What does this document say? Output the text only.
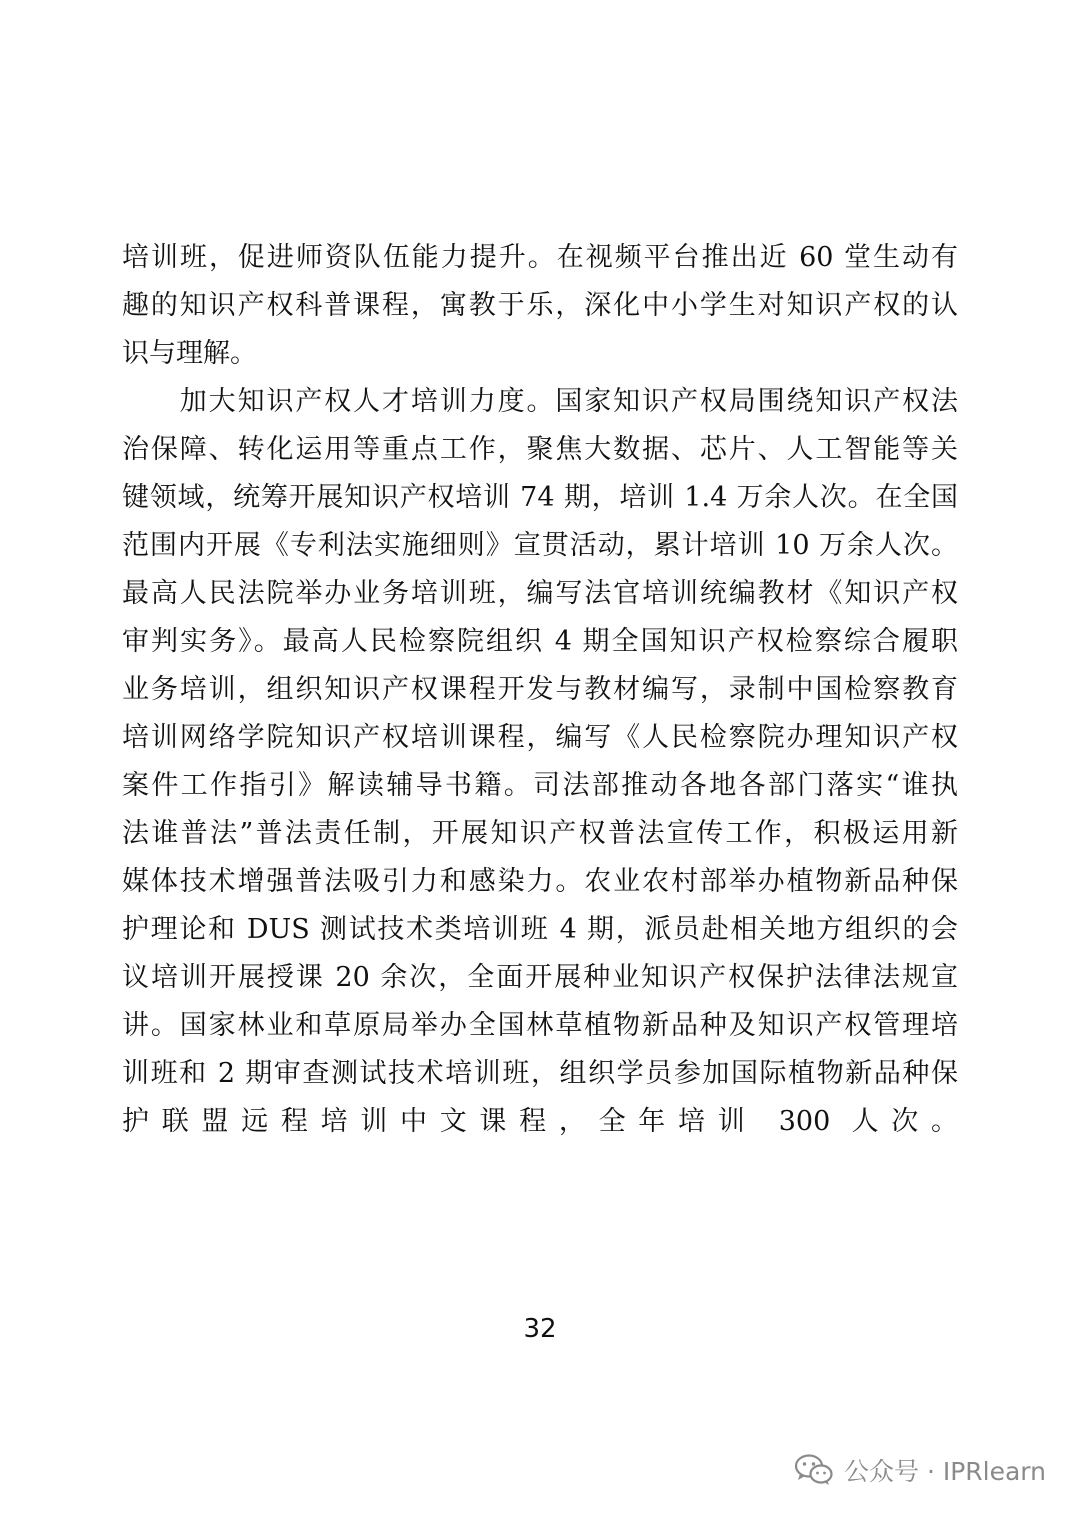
培训班，促进师资队伍能力提升。在视频平台推出近 60 堂生动有
趣的知识产权科普课程，寓教于乐，深化中小学生对知识产权的认
识与理解。
　　加大知识产权人才培训力度。国家知识产权局围绕知识产权法
治保障、转化运用等重点工作，聚焦大数据、芯片、人工智能等关
键领域，统筹开展知识产权培训 74 期，培训 1.4 万余人次。在全国
范围内开展《专利法实施细则》宣贯活动，累计培训 10 万余人次。
最高人民法院举办业务培训班，编写法官培训统编教材《知识产权
审判实务》。最高人民检察院组织 4 期全国知识产权检察综合履职
业务培训，组织知识产权课程开发与教材编写，录制中国检察教育
培训网络学院知识产权培训课程，编写《人民检察院办理知识产权
案件工作指引》解读辅导书籍。司法部推动各地各部门落实“谁执
法谁普法”普法责任制，开展知识产权普法宣传工作，积极运用新
媒体技术增强普法吸引力和感染力。农业农村部举办植物新品种保
护理论和 DUS 测试技术类培训班 4 期，派员赴相关地方组织的会
议培训开展授课 20 余次，全面开展种业知识产权保护法律法规宣
讲。国家林业和草原局举办全国林草植物新品种及知识产权管理培
训班和 2 期审查测试技术培训班，组织学员参加国际植物新品种保
护联盟远程培训中文课程，全年培训 300 人次。
32
公众号 · IPRlearn
